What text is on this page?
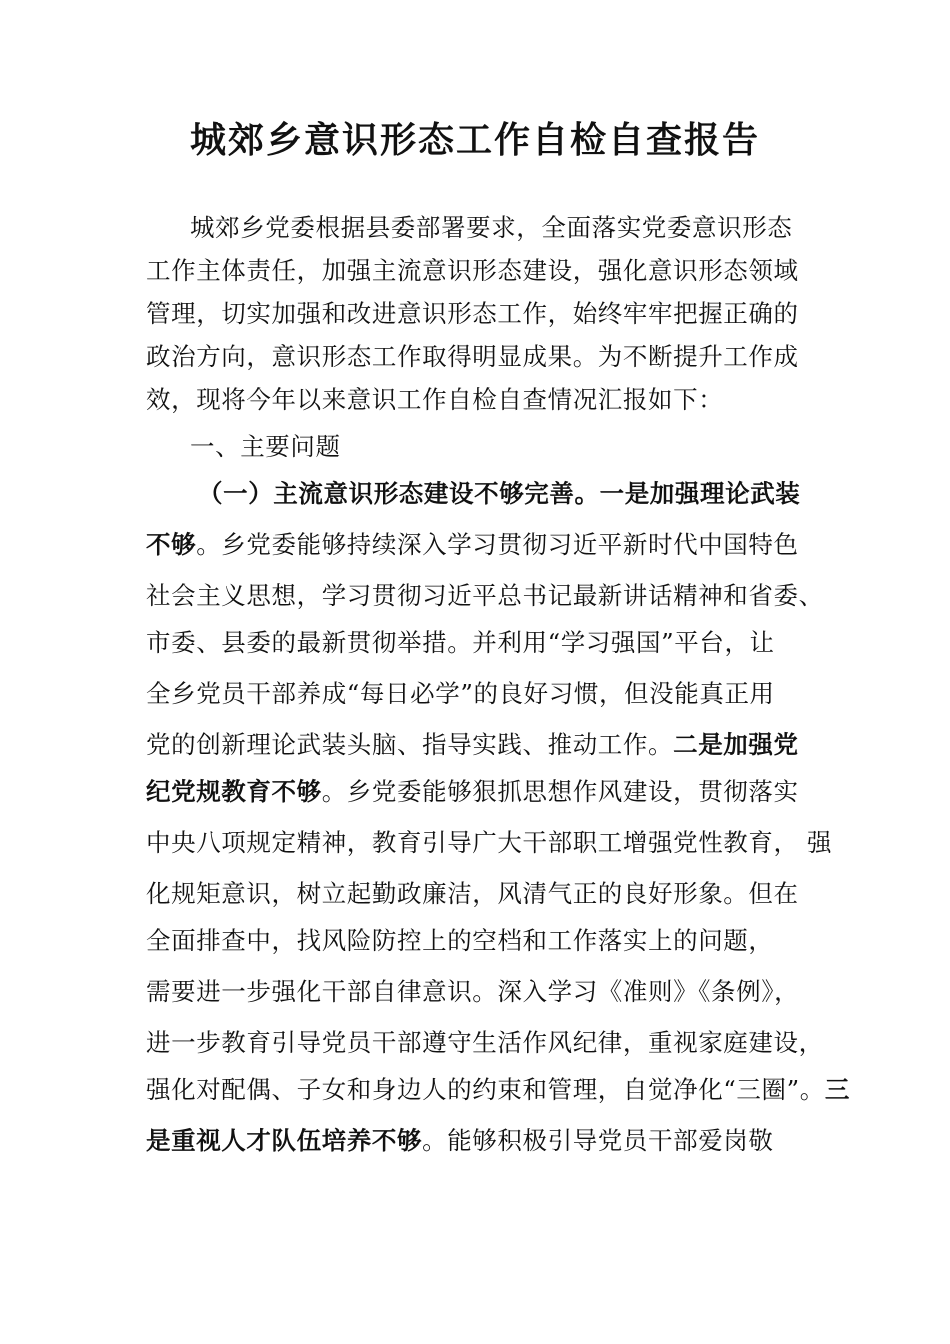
城郊乡意识形态工作自检自查报告
城郊乡党委根据县委部署要求，全面落实党委意识形态
工作主体责任，加强主流意识形态建设，强化意识形态领域
管理，切实加强和改进意识形态工作，始终牢牢把握正确的
政治方向，意识形态工作取得明显成果。为不断提升工作成
效，现将今年以来意识工作自检自查情况汇报如下：
一、主要问题
（一）主流意识形态建设不够完善。一是加强理论武装
不够。乡党委能够持续深入学习贯彻习近平新时代中国特色
社会主义思想，学习贯彻习近平总书记最新讲话精神和省委、
市委、县委的最新贯彻举措。并利用“学习强国”平台，让
全乡党员干部养成“每日必学”的良好习惯，但没能真正用
党的创新理论武装头脑、指导实践、推动工作。二是加强党
纪党规教育不够。乡党委能够狠抓思想作风建设，贯彻落实
中央八项规定精神，教育引导广大干部职工增强党性教育， 强
化规矩意识，树立起勤政廉洁，风清气正的良好形象。但在
全面排查中，找风险防控上的空档和工作落实上的问题，
需要进一步强化干部自律意识。深入学习《准则》《条例》，
进一步教育引导党员干部遵守生活作风纪律，重视家庭建设，
强化对配偶、子女和身边人的约束和管理，自觉净化“三圈”。三
是重视人才队伍培养不够。能够积极引导党员干部爱岗敬
